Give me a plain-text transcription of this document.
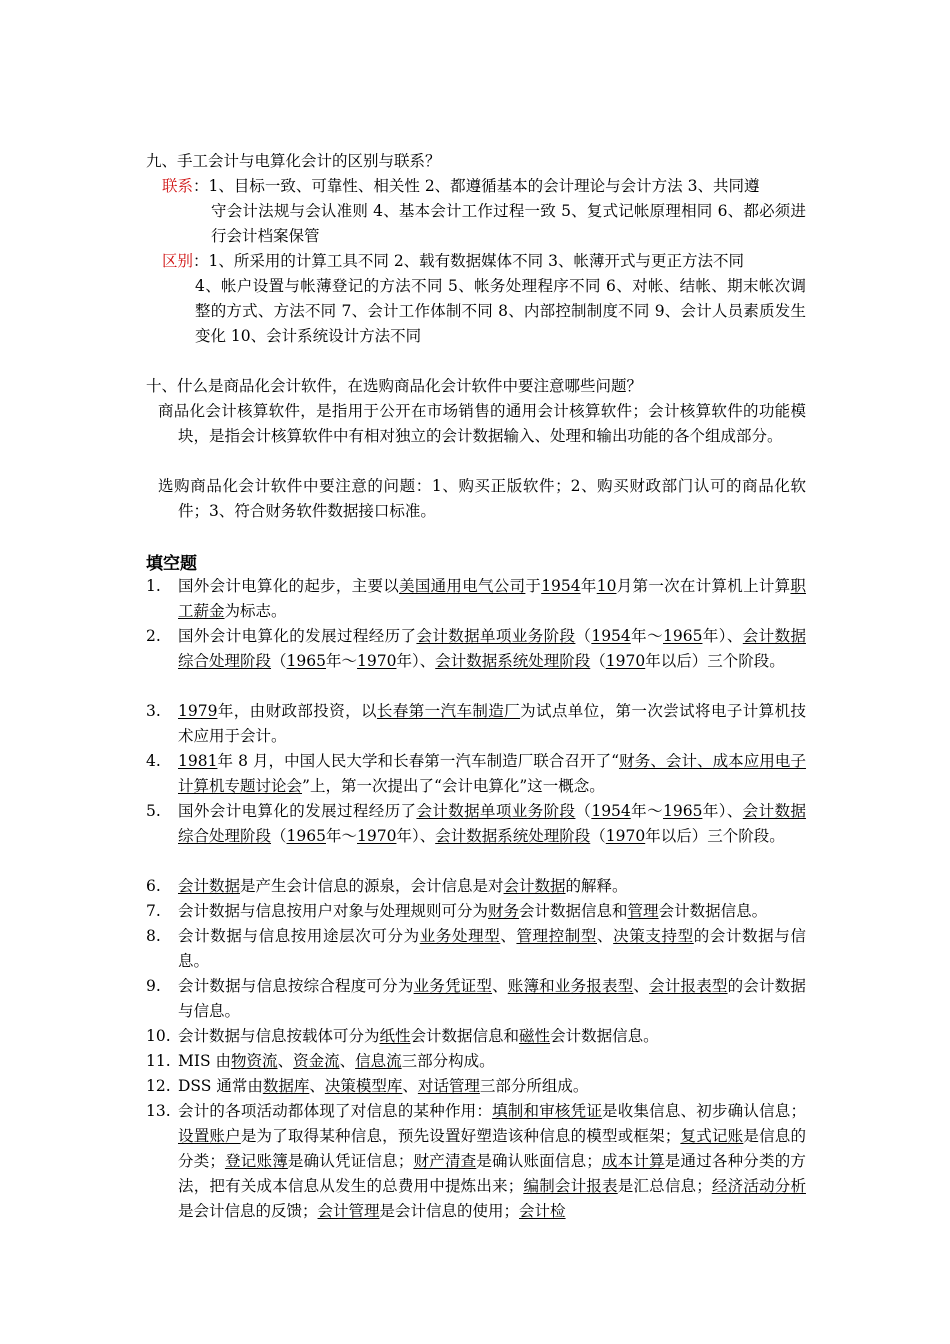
九、手工会计与电算化会计的区别与联系？
联系：1、目标一致、可靠性、相关性 2、都遵循基本的会计理论与会计方法 3、共同遵
守会计法规与会认准则 4、基本会计工作过程一致 5、复式记帐原理相同 6、都必须进行会计档案保管
区别：1、所采用的计算工具不同 2、载有数据媒体不同 3、帐薄开式与更正方法不同
4、帐户设置与帐薄登记的方法不同 5、帐务处理程序不同 6、对帐、结帐、期末帐次调整的方式、方法不同 7、会计工作体制不同 8、内部控制制度不同 9、会计人员素质发生变化 10、会计系统设计方法不同
十、什么是商品化会计软件，在选购商品化会计软件中要注意哪些问题？
商品化会计核算软件，是指用于公开在市场销售的通用会计核算软件；会计核算软件的功能模块，是指会计核算软件中有相对独立的会计数据输入、处理和输出功能的各个组成部分。
选购商品化会计软件中要注意的问题：1、购买正版软件；2、购买财政部门认可的商品化软件；3、符合财务软件数据接口标准。
填空题
1.	国外会计电算化的起步，主要以美国通用电气公司于1954年10月第一次在计算机上计算职工薪金为标志。
2.	国外会计电算化的发展过程经历了会计数据单项业务阶段（1954年～1965年）、会计数据综合处理阶段（1965年～1970年）、会计数据系统处理阶段（1970年以后）三个阶段。
3.	1979年，由财政部投资，以长春第一汽车制造厂为试点单位，第一次尝试将电子计算机技术应用于会计。
4.	1981年 8 月，中国人民大学和长春第一汽车制造厂联合召开了“财务、会计、成本应用电子计算机专题讨论会”上，第一次提出了“会计电算化”这一概念。
5.	国外会计电算化的发展过程经历了会计数据单项业务阶段（1954年～1965年）、会计数据综合处理阶段（1965年～1970年）、会计数据系统处理阶段（1970年以后）三个阶段。
6.	会计数据是产生会计信息的源泉，会计信息是对会计数据的解释。
7.	会计数据与信息按用户对象与处理规则可分为财务会计数据信息和管理会计数据信息。
8.	会计数据与信息按用途层次可分为业务处理型、管理控制型、决策支持型的会计数据与信息。
9.	会计数据与信息按综合程度可分为业务凭证型、账簿和业务报表型、会计报表型的会计数据与信息。
10. 会计数据与信息按载体可分为纸性会计数据信息和磁性会计数据信息。
11. MIS 由物资流、资金流、信息流三部分构成。
12. DSS 通常由数据库、决策模型库、对话管理三部分所组成。
13. 会计的各项活动都体现了对信息的某种作用：填制和审核凭证是收集信息、初步确认信息；设置账户是为了取得某种信息，预先设置好塑造该种信息的模型或框架；复式记账是信息的分类；登记账簿是确认凭证信息；财产清查是确认账面信息；成本计算是通过各种分类的方法，把有关成本信息从发生的总费用中提炼出来；编制会计报表是汇总信息；经济活动分析是会计信息的反馈；会计管理是会计信息的使用；会计检
